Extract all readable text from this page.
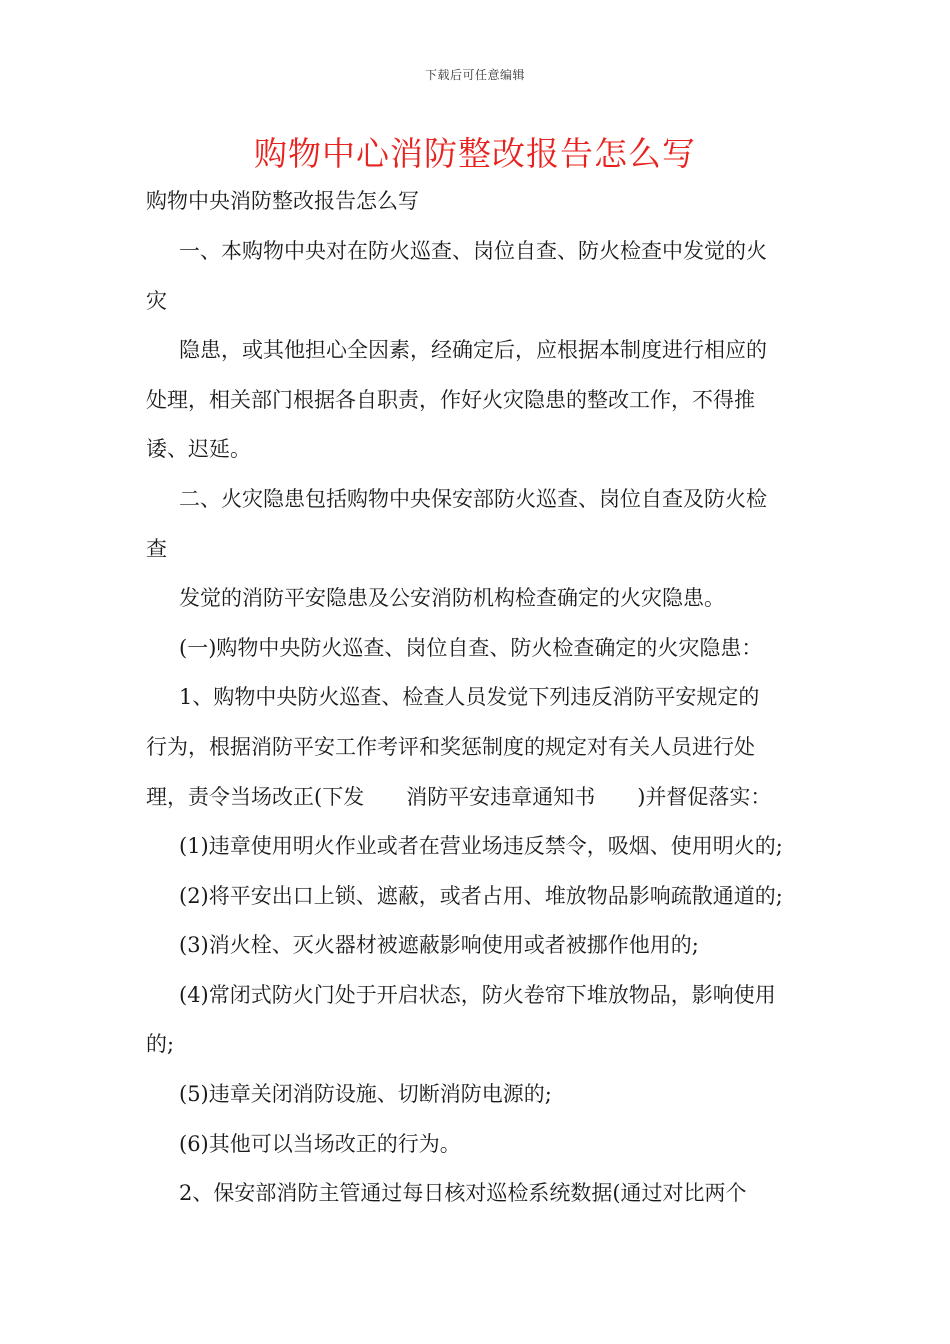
下载后可任意编辑
购物中心消防整改报告怎么写
购物中央消防整改报告怎么写
一、本购物中央对在防火巡查、岗位自查、防火检查中发觉的火
灾
隐患，或其他担心全因素，经确定后，应根据本制度进行相应的
处理，相关部门根据各自职责，作好火灾隐患的整改工作，不得推
诿、迟延。
二、火灾隐患包括购物中央保安部防火巡查、岗位自查及防火检
查
发觉的消防平安隐患及公安消防机构检查确定的火灾隐患。
(一)购物中央防火巡查、岗位自查、防火检查确定的火灾隐患：
1、购物中央防火巡查、检查人员发觉下列违反消防平安规定的
行为，根据消防平安工作考评和奖惩制度的规定对有关人员进行处
理，责令当场改正(下发　　消防平安违章通知书　　)并督促落实：
(1)违章使用明火作业或者在营业场违反禁令，吸烟、使用明火的;
(2)将平安出口上锁、遮蔽，或者占用、堆放物品影响疏散通道的;
(3)消火栓、灭火器材被遮蔽影响使用或者被挪作他用的;
(4)常闭式防火门处于开启状态，防火卷帘下堆放物品，影响使用
的;
(5)违章关闭消防设施、切断消防电源的;
(6)其他可以当场改正的行为。
2、保安部消防主管通过每日核对巡检系统数据(通过对比两个
